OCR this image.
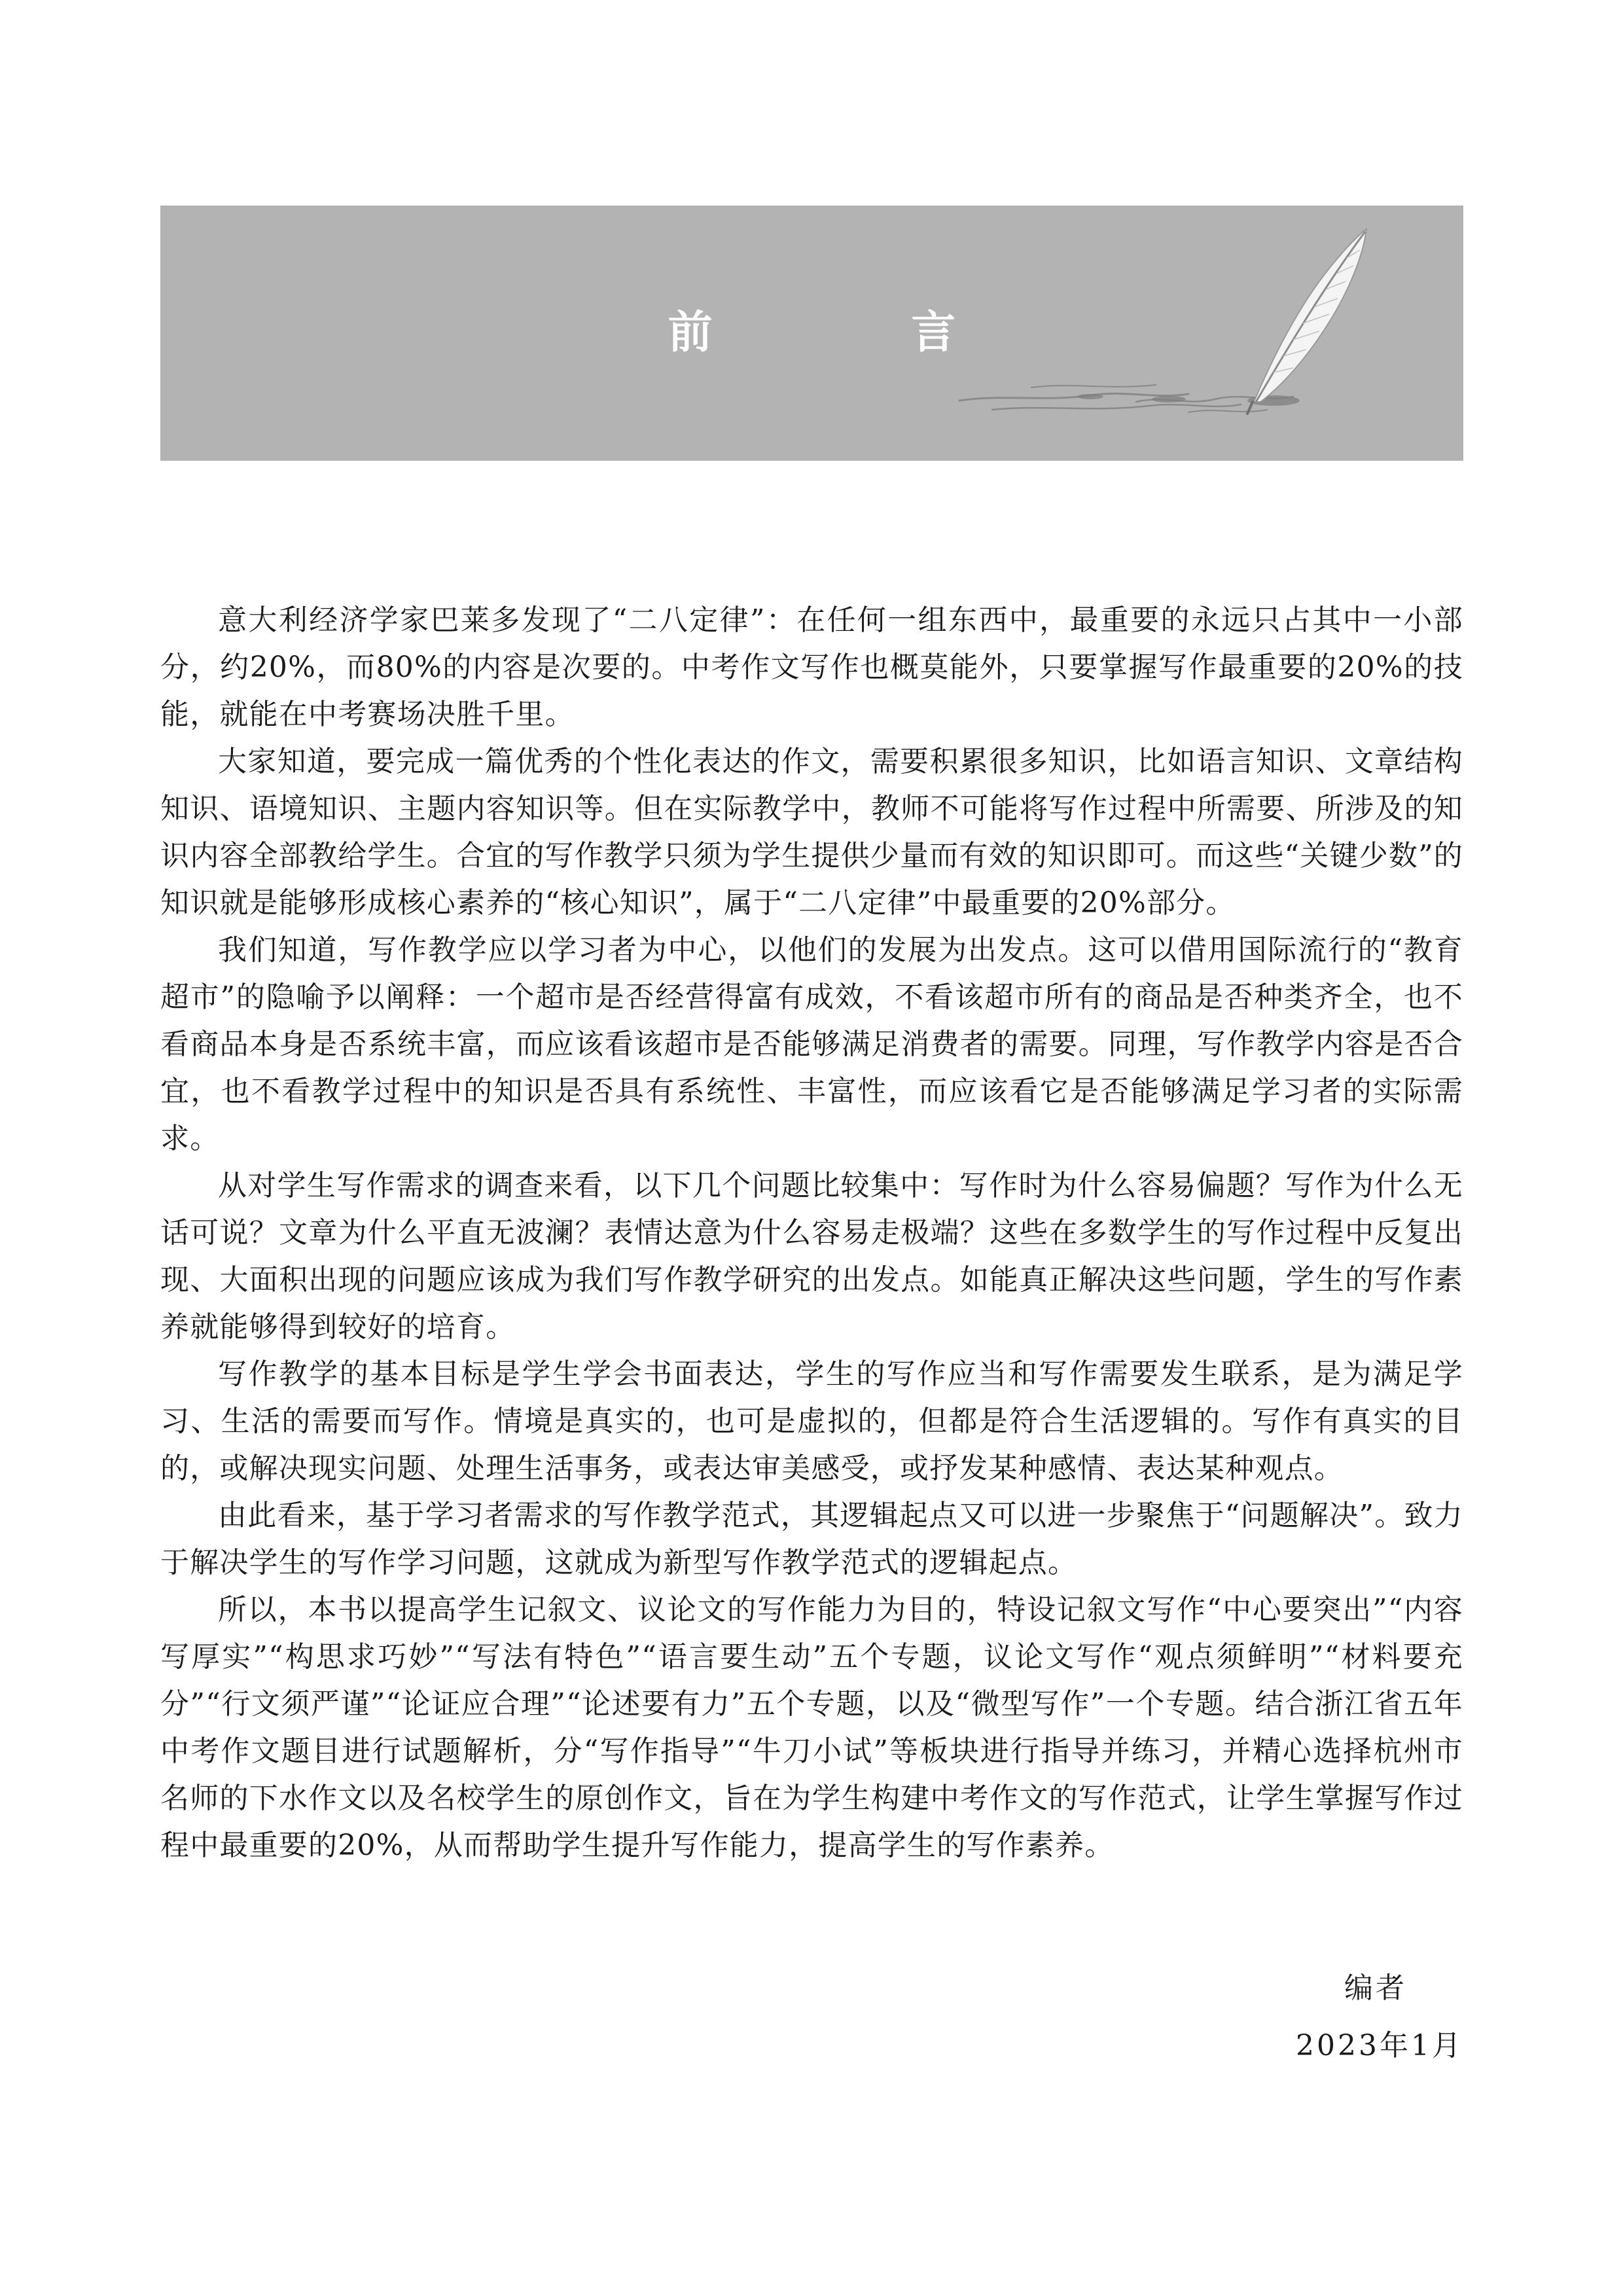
前 言

意大利经济学家巴莱多发现了“二八定律”：在任何一组东西中，最重要的永远只占其中一小部分，约20%，而80%的内容是次要的。中考作文写作也概莫能外，只要掌握写作最重要的20%的技能，就能在中考赛场决胜千里。

大家知道，要完成一篇优秀的个性化表达的作文，需要积累很多知识，比如语言知识、文章结构知识、语境知识、主题内容知识等。但在实际教学中，教师不可能将写作过程中所需要、所涉及的知识内容全部教给学生。合宜的写作教学只须为学生提供少量而有效的知识即可。而这些“关键少数”的知识就是能够形成核心素养的“核心知识”，属于“二八定律”中最重要的20%部分。

我们知道，写作教学应以学习者为中心，以他们的发展为出发点。这可以借用国际流行的“教育超市”的隐喻予以阐释：一个超市是否经营得富有成效，不看该超市所有的商品是否种类齐全，也不看商品本身是否系统丰富，而应该看该超市是否能够满足消费者的需要。同理，写作教学内容是否合宜，也不看教学过程中的知识是否具有系统性、丰富性，而应该看它是否能够满足学习者的实际需求。

从对学生写作需求的调查来看，以下几个问题比较集中：写作时为什么容易偏题？写作为什么无话可说？文章为什么平直无波澜？表情达意为什么容易走极端？这些在多数学生的写作过程中反复出现、大面积出现的问题应该成为我们写作教学研究的出发点。如能真正解决这些问题，学生的写作素养就能够得到较好的培育。

写作教学的基本目标是学生学会书面表达，学生的写作应当和写作需要发生联系，是为满足学习、生活的需要而写作。情境是真实的，也可是虚拟的，但都是符合生活逻辑的。写作有真实的目的，或解决现实问题、处理生活事务，或表达审美感受，或抒发某种感情、表达某种观点。

由此看来，基于学习者需求的写作教学范式，其逻辑起点又可以进一步聚焦于“问题解决”。致力于解决学生的写作学习问题，这就成为新型写作教学范式的逻辑起点。

所以，本书以提高学生记叙文、议论文的写作能力为目的，特设记叙文写作“中心要突出”“内容写厚实”“构思求巧妙”“写法有特色”“语言要生动”五个专题，议论文写作“观点须鲜明”“材料要充分”“行文须严谨”“论证应合理”“论述要有力”五个专题，以及“微型写作”一个专题。结合浙江省五年中考作文题目进行试题解析，分“写作指导”“牛刀小试”等板块进行指导并练习，并精心选择杭州市名师的下水作文以及名校学生的原创作文，旨在为学生构建中考作文的写作范式，让学生掌握写作过程中最重要的20%，从而帮助学生提升写作能力，提高学生的写作素养。

编者
2023年1月
